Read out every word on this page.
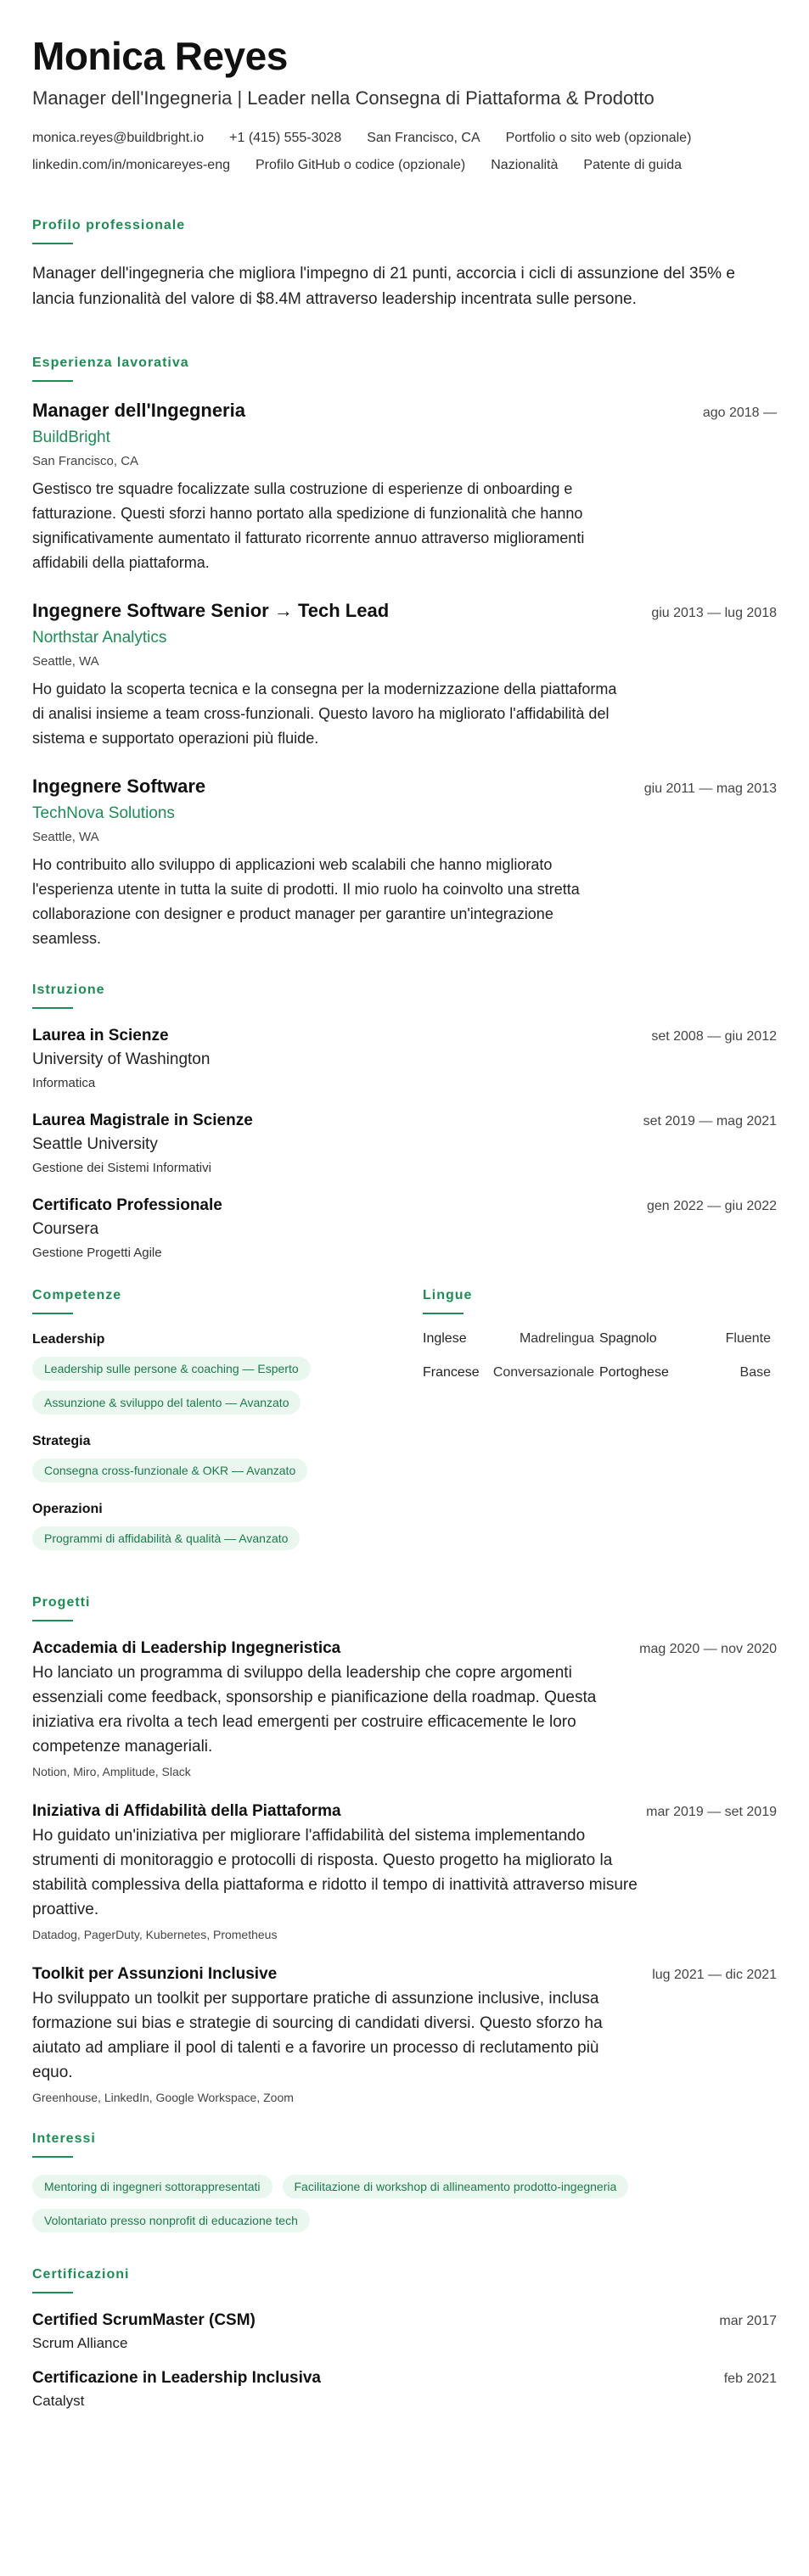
Monica Reyes
Manager dell'Ingegneria | Leader nella Consegna di Piattaforma & Prodotto
monica.reyes@buildbright.io +1 (415) 555-3028 San Francisco, CA Portfolio o sito web (opzionale)
linkedin.com/in/monicareyes-eng Profilo GitHub o codice (opzionale) Nazionalità Patente di guida
Profilo professionale

Manager dell'ingegneria che migliora l'impegno di 21 punti, accorcia i cicli di assunzione del 35% e lancia funzionalità del valore di $8.4M attraverso leadership incentrata sulle persone.

Esperienza lavorativa
Manager dell'Ingegneria	ago 2018 —
BuildBright
San Francisco, CA

Gestisco tre squadre focalizzate sulla costruzione di esperienze di onboarding e fatturazione. Questi sforzi hanno portato alla spedizione di funzionalità che hanno significativamente aumentato il fatturato ricorrente annuo attraverso miglioramenti affidabili della piattaforma.

Ingegnere Software Senior → Tech Lead	giu 2013 — lug 2018
Northstar Analytics
Seattle, WA

Ho guidato la scoperta tecnica e la consegna per la modernizzazione della piattaforma di analisi insieme a team cross-funzionali. Questo lavoro ha migliorato l'affidabilità del sistema e supportato operazioni più fluide.

Ingegnere Software	giu 2011 — mag 2013
TechNova Solutions
Seattle, WA

Ho contribuito allo sviluppo di applicazioni web scalabili che hanno migliorato l'esperienza utente in tutta la suite di prodotti. Il mio ruolo ha coinvolto una stretta collaborazione con designer e product manager per garantire un'integrazione seamless.

Istruzione
Laurea in Scienze	set 2008 — giu 2012
University of Washington
Informatica
Laurea Magistrale in Scienze	set 2019 — mag 2021
Seattle University
Gestione dei Sistemi Informativi
Certificato Professionale	gen 2022 — giu 2022
Coursera
Gestione Progetti Agile
Competenze
Leadership
Leadership sulle persone & coaching — Esperto
Assunzione & sviluppo del talento — Avanzato
Strategia
Consegna cross-funzionale & OKR — Avanzato
Operazioni
Programmi di affidabilità & qualità — Avanzato
Lingue
Inglese	Madrelingua Spagnolo	Fluente
Francese	Conversazionale Portoghese	Base
Progetti
Accademia di Leadership Ingegneristica	mag 2020 — nov 2020

Ho lanciato un programma di sviluppo della leadership che copre argomenti essenziali come feedback, sponsorship e pianificazione della roadmap. Questa iniziativa era rivolta a tech lead emergenti per costruire efficacemente le loro competenze manageriali.

Notion, Miro, Amplitude, Slack
Iniziativa di Affidabilità della Piattaforma	mar 2019 — set 2019

Ho guidato un'iniziativa per migliorare l'affidabilità del sistema implementando strumenti di monitoraggio e protocolli di risposta. Questo progetto ha migliorato la stabilità complessiva della piattaforma e ridotto il tempo di inattività attraverso misure proattive.

Datadog, PagerDuty, Kubernetes, Prometheus
Toolkit per Assunzioni Inclusive	lug 2021 — dic 2021

Ho sviluppato un toolkit per supportare pratiche di assunzione inclusive, inclusa formazione sui bias e strategie di sourcing di candidati diversi. Questo sforzo ha aiutato ad ampliare il pool di talenti e a favorire un processo di reclutamento più equo.

Greenhouse, LinkedIn, Google Workspace, Zoom
Interessi
Mentoring di ingegneri sottorappresentati	Facilitazione di workshop di allineamento prodotto-ingegneria
Volontariato presso nonprofit di educazione tech
Certificazioni
Certified ScrumMaster (CSM)	mar 2017
Scrum Alliance
Certificazione in Leadership Inclusiva	feb 2021
Catalyst
